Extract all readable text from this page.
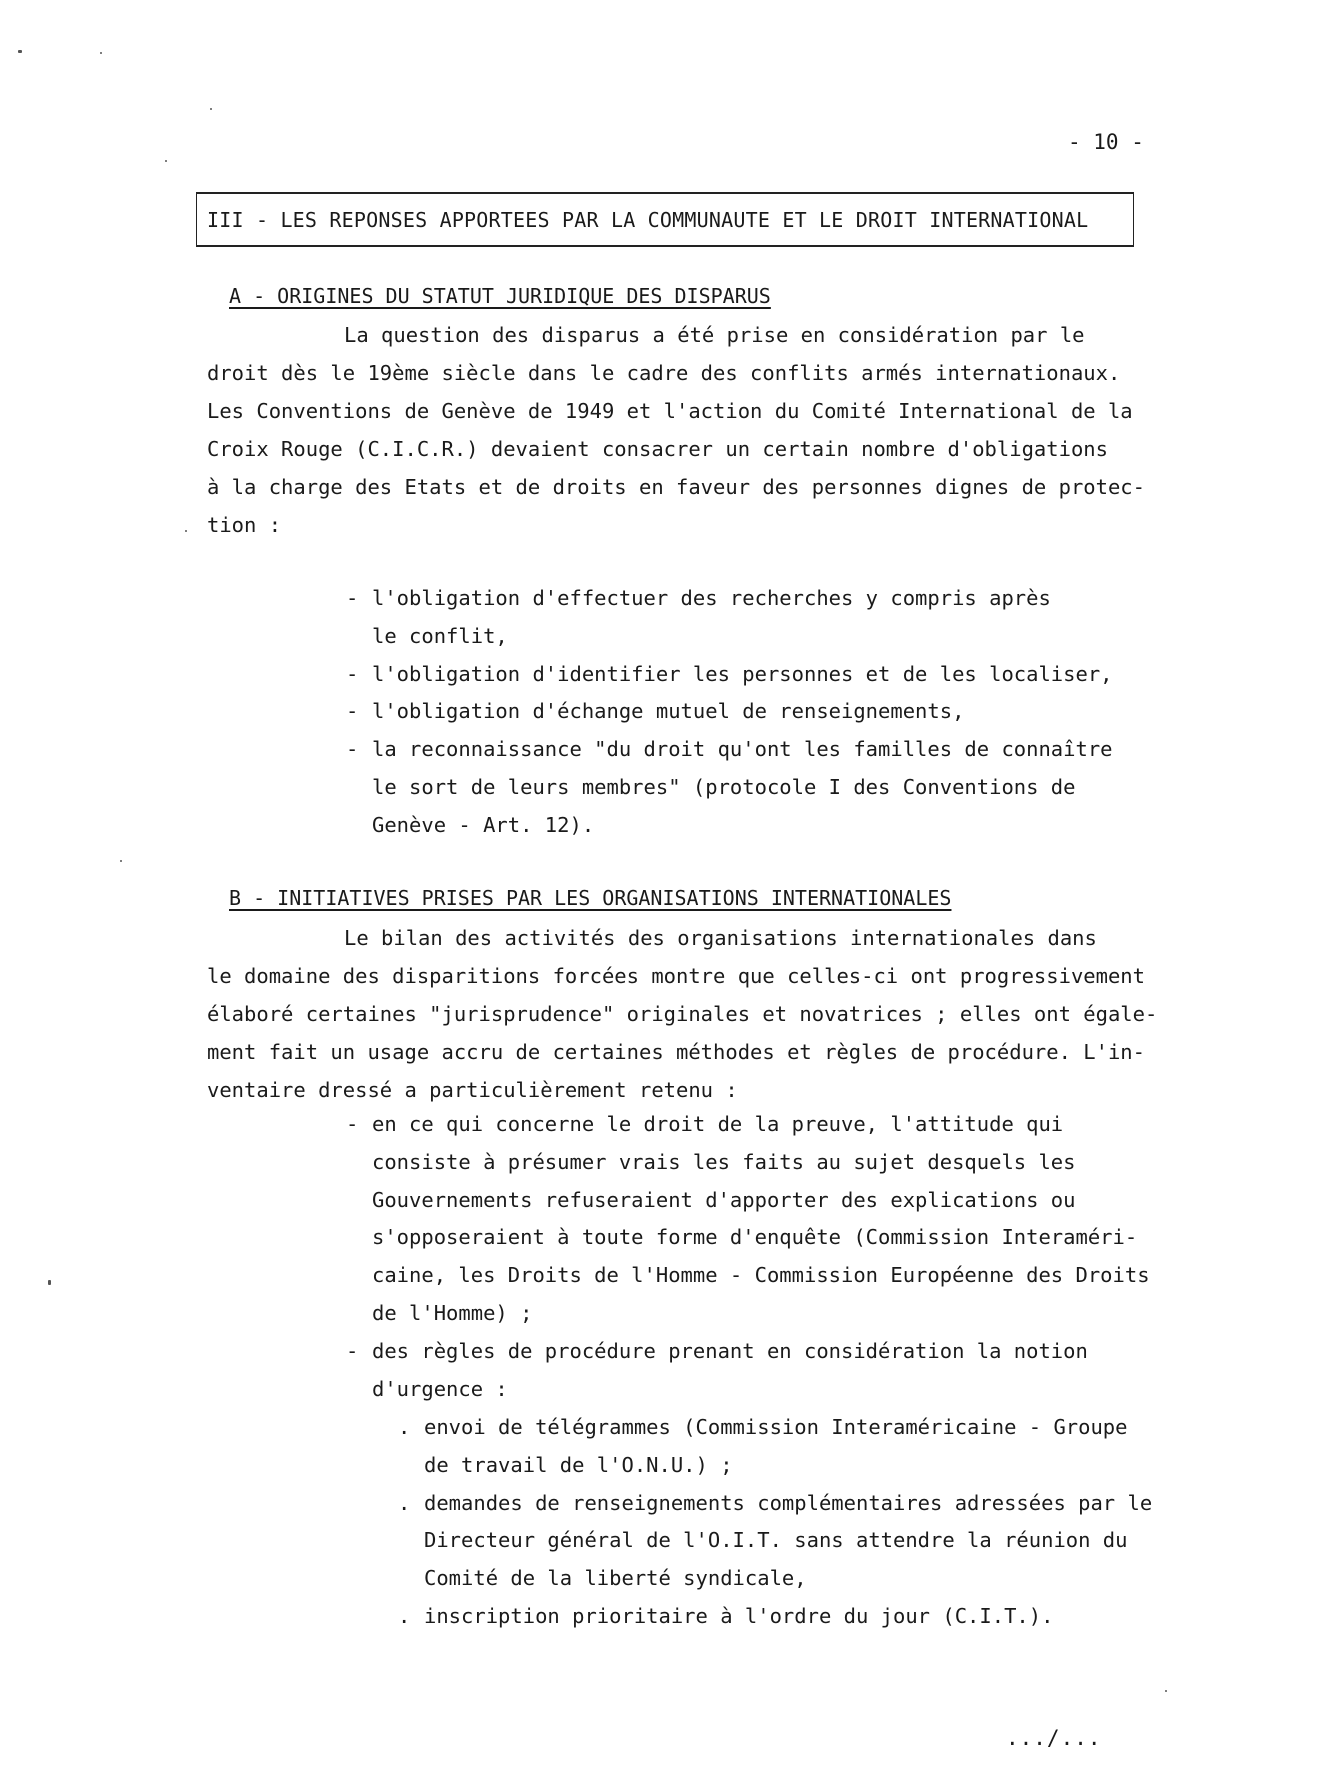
- 10 -
III - LES REPONSES APPORTEES PAR LA COMMUNAUTE ET LE DROIT INTERNATIONAL
A - ORIGINES DU STATUT JURIDIQUE DES DISPARUS
La question des disparus a été prise en considération par le
droit dès le 19ème siècle dans le cadre des conflits armés internationaux.
Les Conventions de Genève de 1949 et l'action du Comité International de la
Croix Rouge (C.I.C.R.) devaient consacrer un certain nombre d'obligations
à la charge des Etats et de droits en faveur des personnes dignes de protec-
tion :
- l'obligation d'effectuer des recherches y compris après
le conflit,
- l'obligation d'identifier les personnes et de les localiser,
- l'obligation d'échange mutuel de renseignements,
- la reconnaissance "du droit qu'ont les familles de connaître
le sort de leurs membres" (protocole I des Conventions de
Genève - Art. 12).
B - INITIATIVES PRISES PAR LES ORGANISATIONS INTERNATIONALES
Le bilan des activités des organisations internationales dans
le domaine des disparitions forcées montre que celles-ci ont progressivement
élaboré certaines "jurisprudence" originales et novatrices ; elles ont égale-
ment fait un usage accru de certaines méthodes et règles de procédure. L'in-
ventaire dressé a particulièrement retenu :
- en ce qui concerne le droit de la preuve, l'attitude qui
consiste à présumer vrais les faits au sujet desquels les
Gouvernements refuseraient d'apporter des explications ou
s'opposeraient à toute forme d'enquête (Commission Interaméri-
caine, les Droits de l'Homme - Commission Européenne des Droits
de l'Homme) ;
- des règles de procédure prenant en considération la notion
d'urgence :
. envoi de télégrammes (Commission Interaméricaine - Groupe
de travail de l'O.N.U.) ;
. demandes de renseignements complémentaires adressées par le
Directeur général de l'O.I.T. sans attendre la réunion du
Comité de la liberté syndicale,
. inscription prioritaire à l'ordre du jour (C.I.T.).
.../...
